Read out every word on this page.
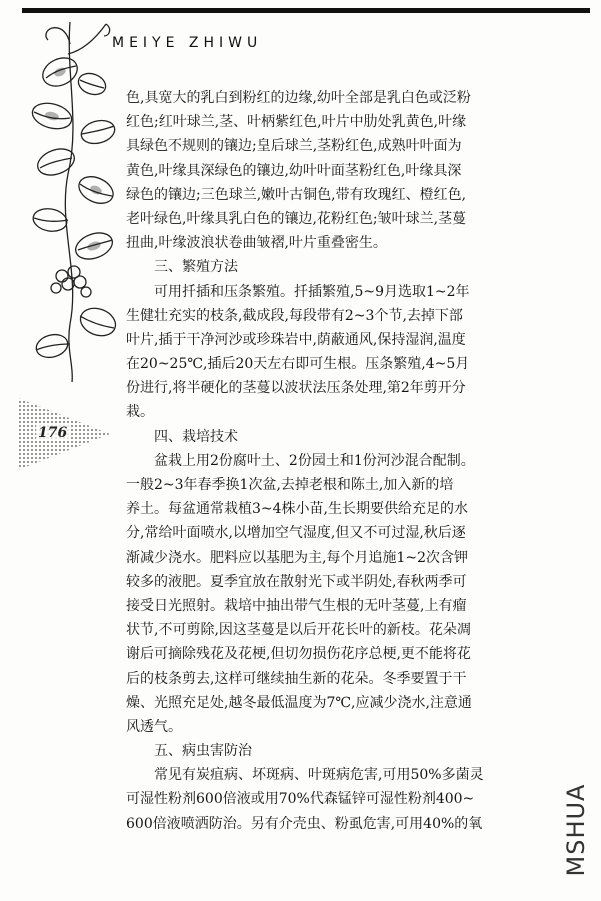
MEIYE ZHIWU
176
色,具宽大的乳白到粉红的边缘,幼叶全部是乳白色或泛粉
红色;红叶球兰,茎、叶柄紫红色,叶片中肋处乳黄色,叶缘
具绿色不规则的镶边;皇后球兰,茎粉红色,成熟叶叶面为
黄色,叶缘具深绿色的镶边,幼叶叶面茎粉红色,叶缘具深
绿色的镶边;三色球兰,嫩叶古铜色,带有玫瑰红、橙红色,
老叶绿色,叶缘具乳白色的镶边,花粉红色;皱叶球兰,茎蔓
扭曲,叶缘波浪状卷曲皱褶,叶片重叠密生。
三、繁殖方法
可用扦插和压条繁殖。扦插繁殖,5~9月选取1~2年
生健壮充实的枝条,截成段,每段带有2~3个节,去掉下部
叶片,插于干净河沙或珍珠岩中,荫蔽通风,保持湿润,温度
在20~25℃,插后20天左右即可生根。压条繁殖,4~5月
份进行,将半硬化的茎蔓以波状法压条处理,第2年剪开分
栽。
四、栽培技术
盆栽上用2份腐叶土、2份园土和1份河沙混合配制。
一般2~3年春季换1次盆,去掉老根和陈土,加入新的培
养土。每盆通常栽植3~4株小苗,生长期要供给充足的水
分,常给叶面喷水,以增加空气湿度,但又不可过湿,秋后逐
渐减少浇水。肥料应以基肥为主,每个月追施1~2次含钾
较多的液肥。夏季宜放在散射光下或半阴处,春秋两季可
接受日光照射。栽培中抽出带气生根的无叶茎蔓,上有瘤
状节,不可剪除,因这茎蔓是以后开花长叶的新枝。花朵凋
谢后可摘除残花及花梗,但切勿损伤花序总梗,更不能将花
后的枝条剪去,这样可继续抽生新的花朵。冬季要置于干
燥、光照充足处,越冬最低温度为7℃,应减少浇水,注意通
风透气。
五、病虫害防治
常见有炭疽病、坏斑病、叶斑病危害,可用50%多菌灵
可湿性粉剂600倍液或用70%代森锰锌可湿性粉剂400~
600倍液喷洒防治。另有介壳虫、粉虱危害,可用40%的氧	MSHUA
